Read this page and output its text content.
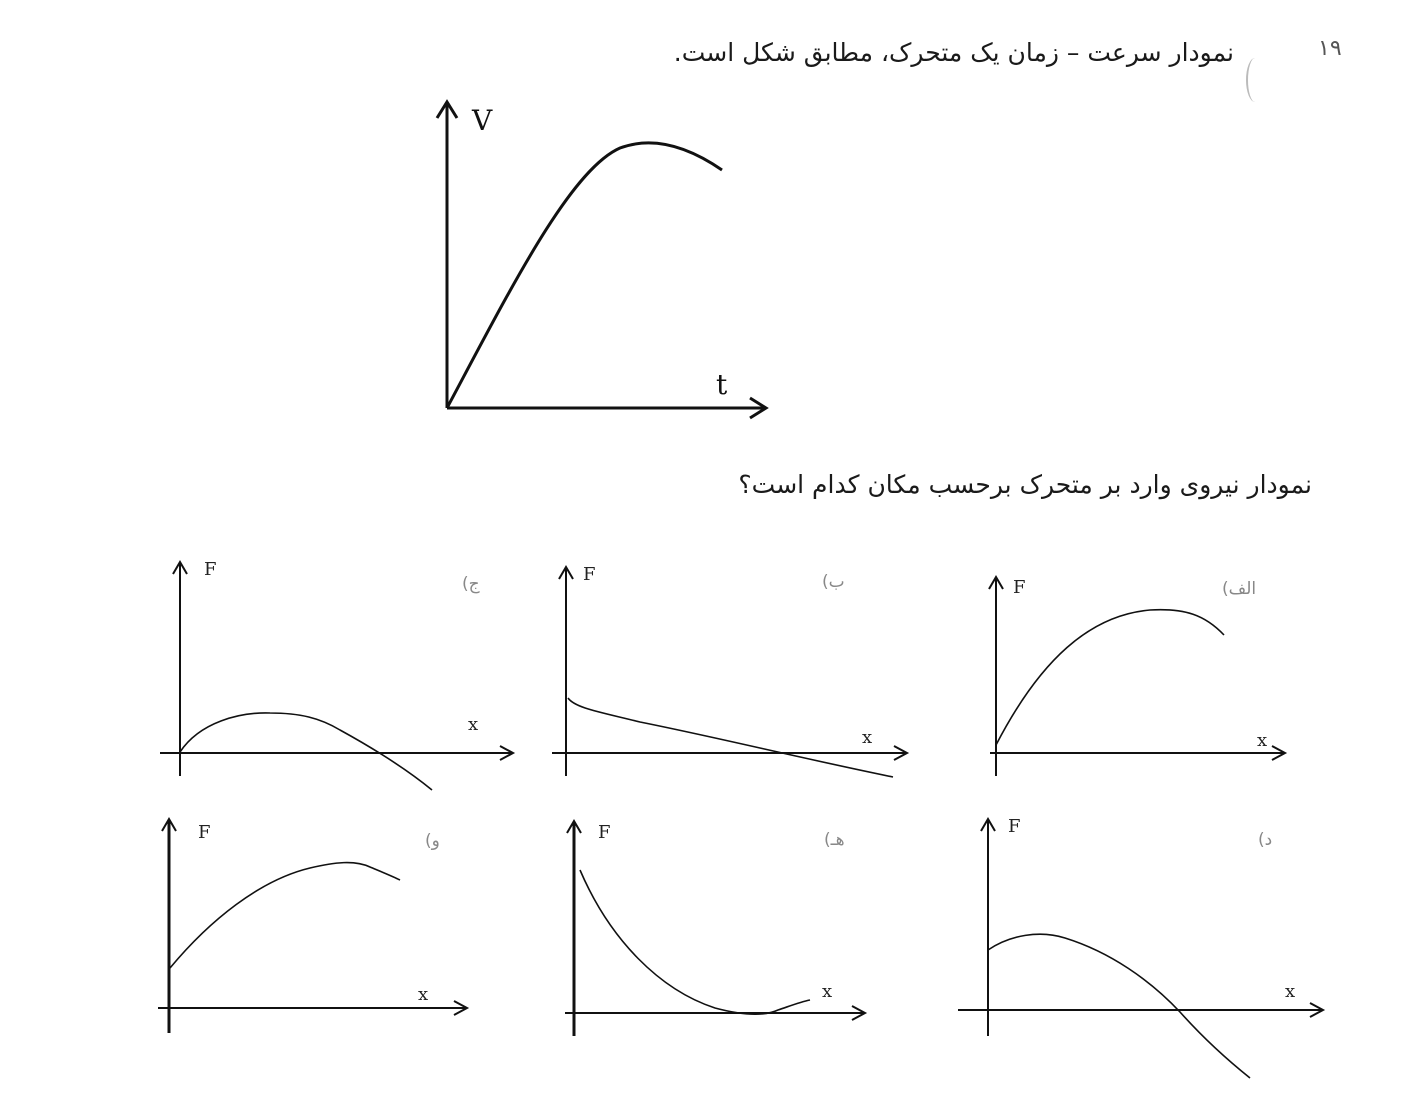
۱۹
نمودار سرعت – زمان یک متحرک، مطابق شکل است.
نمودار نیروی وارد بر متحرک برحسب مکان کدام است؟
V
t
F
x
F
x
F
x
F
x
F
x
F
x
الف)
ب)
ج)
د)
هـ)
و)
